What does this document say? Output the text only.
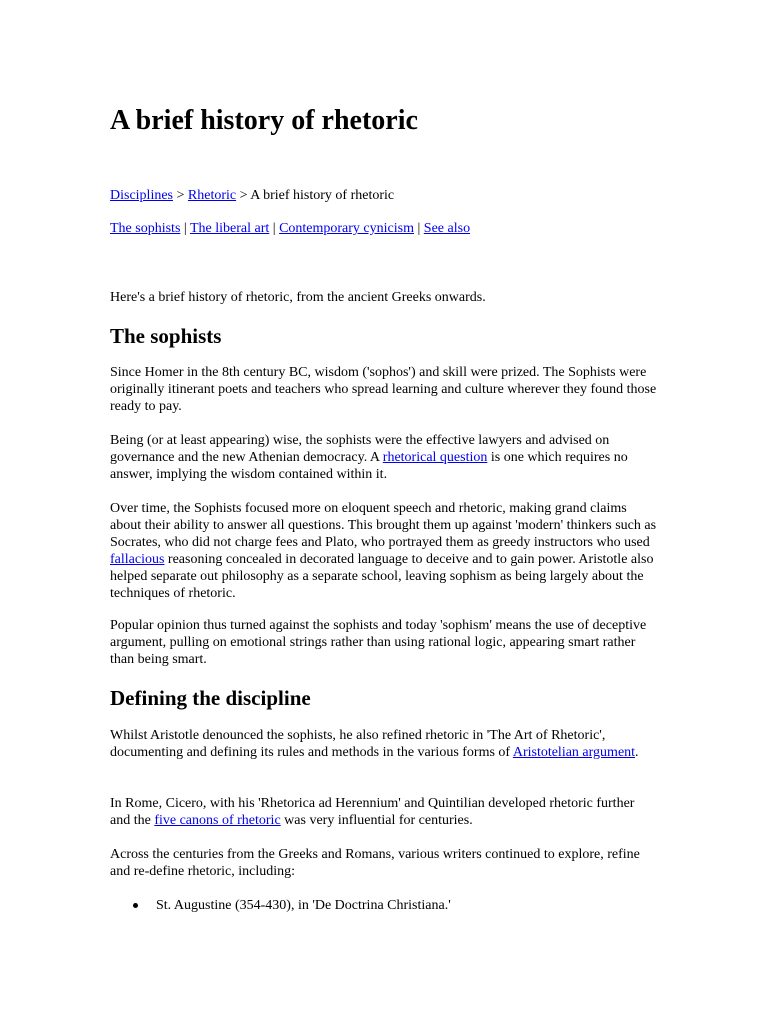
A brief history of rhetoric
Disciplines > Rhetoric > A brief history of rhetoric
The sophists | The liberal art | Contemporary cynicism | See also

Here's a brief history of rhetoric, from the ancient Greeks onwards.

The sophists

Since Homer in the 8th century BC, wisdom ('sophos') and skill were prized. The Sophists were originally itinerant poets and teachers who spread learning and culture wherever they found those ready to pay.

Being (or at least appearing) wise, the sophists were the effective lawyers and advised on governance and the new Athenian democracy. A rhetorical question is one which requires no answer, implying the wisdom contained within it.

Over time, the Sophists focused more on eloquent speech and rhetoric, making grand claims about their ability to answer all questions. This brought them up against 'modern' thinkers such as Socrates, who did not charge fees and Plato, who portrayed them as greedy instructors who used fallacious reasoning concealed in decorated language to deceive and to gain power. Aristotle also helped separate out philosophy as a separate school, leaving sophism as being largely about the techniques of rhetoric.

Popular opinion thus turned against the sophists and today 'sophism' means the use of deceptive argument, pulling on emotional strings rather than using rational logic, appearing smart rather than being smart.

Defining the discipline

Whilst Aristotle denounced the sophists, he also refined rhetoric in 'The Art of Rhetoric', documenting and defining its rules and methods in the various forms of Aristotelian argument.

In Rome, Cicero, with his 'Rhetorica ad Herennium' and Quintilian developed rhetoric further and the five canons of rhetoric was very influential for centuries.

Across the centuries from the Greeks and Romans, various writers continued to explore, refine and re-define rhetoric, including:

St. Augustine (354-430), in 'De Doctrina Christiana.'
